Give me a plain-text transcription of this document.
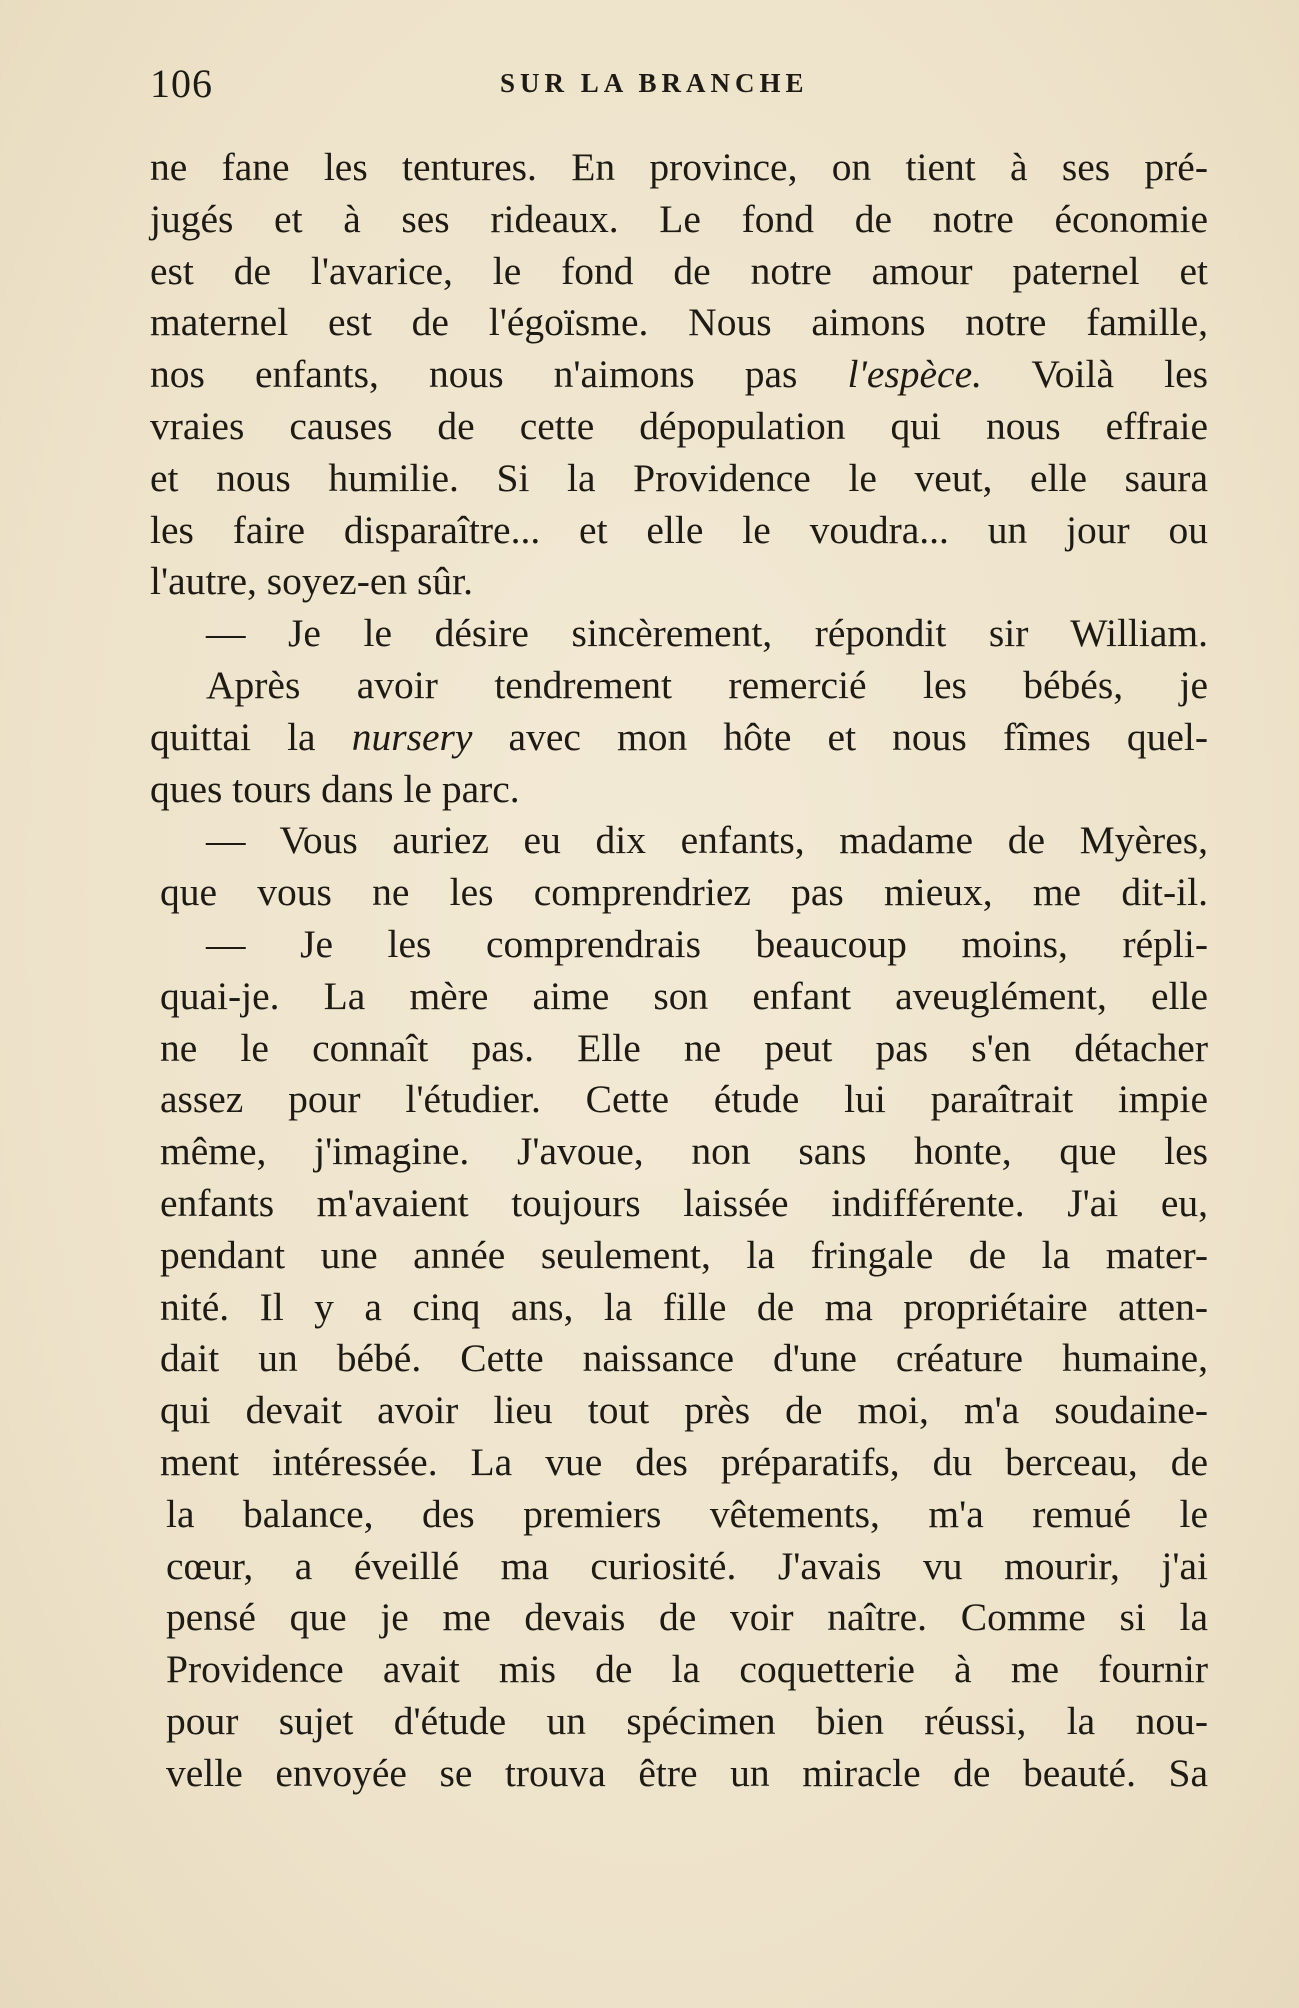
106	SUR LA BRANCHE
ne fane les tentures. En province, on tient à ses pré-
jugés et à ses rideaux. Le fond de notre économie
est de l'avarice, le fond de notre amour paternel et
maternel est de l'égoïsme. Nous aimons notre famille,
nos enfants, nous n'aimons pas l'espèce. Voilà les
vraies causes de cette dépopulation qui nous effraie
et nous humilie. Si la Providence le veut, elle saura
les faire disparaître... et elle le voudra... un jour ou
l'autre, soyez-en sûr.
— Je le désire sincèrement, répondit sir William.
Après avoir tendrement remercié les bébés, je
quittai la nursery avec mon hôte et nous fîmes quel-
ques tours dans le parc.
— Vous auriez eu dix enfants, madame de Myères,
que vous ne les comprendriez pas mieux, me dit-il.
— Je les comprendrais beaucoup moins, répli-
quai-je. La mère aime son enfant aveuglément, elle
ne le connaît pas. Elle ne peut pas s'en détacher
assez pour l'étudier. Cette étude lui paraîtrait impie
même, j'imagine. J'avoue, non sans honte, que les
enfants m'avaient toujours laissée indifférente. J'ai eu,
pendant une année seulement, la fringale de la mater-
nité. Il y a cinq ans, la fille de ma propriétaire atten-
dait un bébé. Cette naissance d'une créature humaine,
qui devait avoir lieu tout près de moi, m'a soudaine-
ment intéressée. La vue des préparatifs, du berceau, de
la balance, des premiers vêtements, m'a remué le
cœur, a éveillé ma curiosité. J'avais vu mourir, j'ai
pensé que je me devais de voir naître. Comme si la
Providence avait mis de la coquetterie à me fournir
pour sujet d'étude un spécimen bien réussi, la nou-
velle envoyée se trouva être un miracle de beauté. Sa
